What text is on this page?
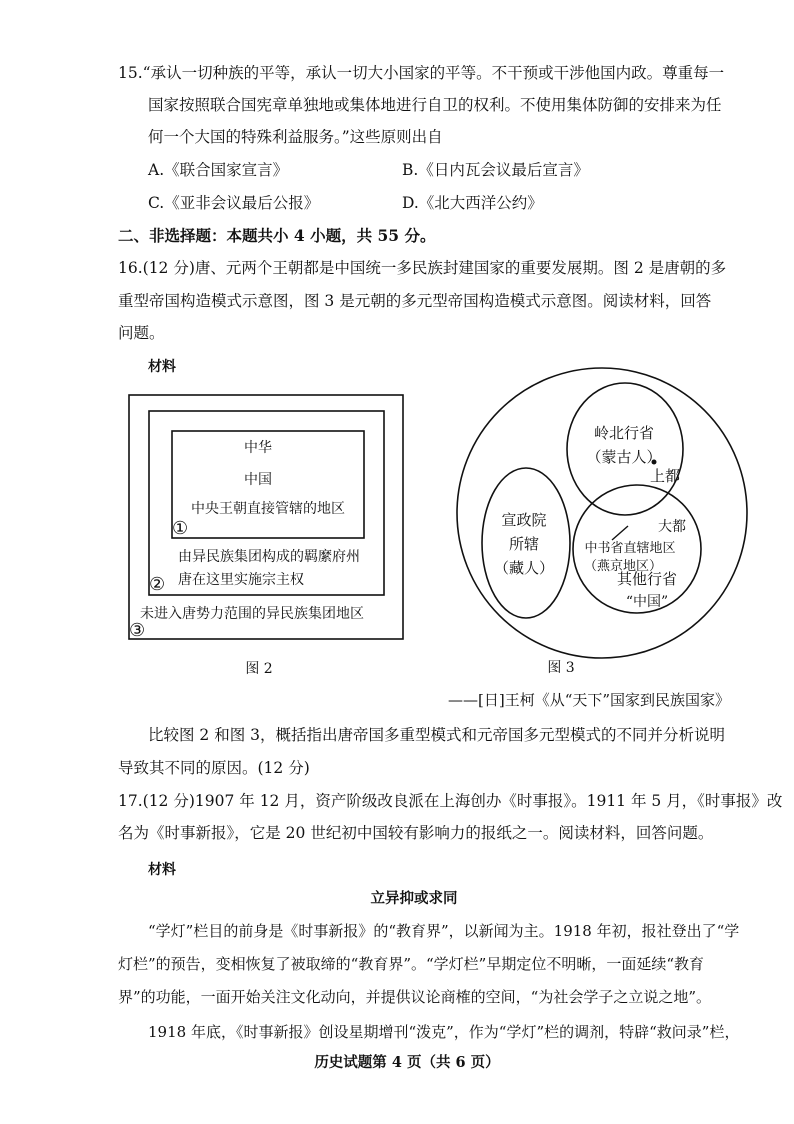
15.“承认一切种族的平等，承认一切大小国家的平等。不干预或干涉他国内政。尊重每一
国家按照联合国宪章单独地或集体地进行自卫的权利。不使用集体防御的安排来为任
何一个大国的特殊利益服务。”这些原则出自
A.《联合国家宣言》	B.《日内瓦会议最后宣言》
C.《亚非会议最后公报》	D.《北大西洋公约》
二、非选择题：本题共小 4 小题，共 55 分。
16.(12 分)唐、元两个王朝都是中国统一多民族封建国家的重要发展期。图 2 是唐朝的多
重型帝国构造模式示意图，图 3 是元朝的多元型帝国构造模式示意图。阅读材料，回答
问题。
材料
中华
中国
中央王朝直接管辖的地区
①
由异民族集团构成的羁縻府州
唐在这里实施宗主权
②
未进入唐势力范围的异民族集团地区
③
图 2
岭北行省
（蒙古人）
上都
宣政院
所辖
（藏人）
大都
中书省直辖地区
（燕京地区）
其他行省
“中国”
图 3
——[日]王柯《从“天下”国家到民族国家》
比较图 2 和图 3，概括指出唐帝国多重型模式和元帝国多元型模式的不同并分析说明
导致其不同的原因。(12 分)
17.(12 分)1907 年 12 月，资产阶级改良派在上海创办《时事报》。1911 年 5 月，《时事报》改
名为《时事新报》，它是 20 世纪初中国较有影响力的报纸之一。阅读材料，回答问题。
材料
立异抑或求同
“学灯”栏目的前身是《时事新报》的“教育界”，以新闻为主。1918 年初，报社登出了“学
灯栏”的预告，变相恢复了被取缔的“教育界”。“学灯栏”早期定位不明晰，一面延续“教育
界”的功能，一面开始关注文化动向，并提供议论商榷的空间，“为社会学子之立说之地”。
1918 年底，《时事新报》创设星期增刊“泼克”，作为“学灯”栏的调剂，特辟“救问录”栏，
历史试题第 4 页（共 6 页）
